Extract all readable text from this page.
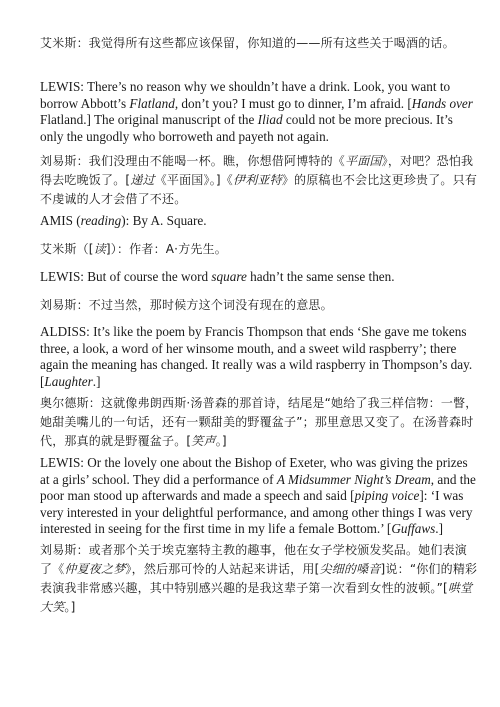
艾米斯：我觉得所有这些都应该保留，你知道的——所有这些关于喝酒的话。

LEWIS: There’s no reason why we shouldn’t have a drink. Look, you want to borrow Abbott’s Flatland, don’t you? I must go to dinner, I’m afraid. [Hands over Flatland.] The original manuscript of the Iliad could not be more precious. It’s only the ungodly who borroweth and payeth not again.

刘易斯：我们没理由不能喝一杯。瞧，你想借阿博特的《平面国》，对吧？恐怕我得去吃晚饭了。[递过《平面国》。]《伊利亚特》的原稿也不会比这更珍贵了。只有不虔诚的人才会借了不还。

AMIS (reading): By A. Square.

艾米斯（[读]）：作者：A·方先生。

LEWIS: But of course the word square hadn’t the same sense then.

刘易斯：不过当然，那时候方这个词没有现在的意思。

ALDISS: It’s like the poem by Francis Thompson that ends ‘She gave me tokens three, a look, a word of her winsome mouth, and a sweet wild raspberry’; there again the meaning has changed. It really was a wild raspberry in Thompson’s day. [Laughter.]

奥尔德斯：这就像弗朗西斯·汤普森的那首诗，结尾是“她给了我三样信物：一瞥，她甜美嘴儿的一句话，还有一颗甜美的野覆盆子”；那里意思又变了。在汤普森时代，那真的就是野覆盆子。[笑声。]

LEWIS: Or the lovely one about the Bishop of Exeter, who was giving the prizes at a girls’ school. They did a performance of A Midsummer Night’s Dream, and the poor man stood up afterwards and made a speech and said [piping voice]: ‘I was very interested in your delightful performance, and among other things I was very interested in seeing for the first time in my life a female Bottom.’ [Guffaws.]

刘易斯：或者那个关于埃克塞特主教的趣事，他在女子学校颁发奖品。她们表演了《仲夏夜之梦》，然后那可怜的人站起来讲话，用[尖细的嗓音]说：“你们的精彩表演我非常感兴趣，其中特别感兴趣的是我这辈子第一次看到女性的波顿。”[哄堂大笑。]
